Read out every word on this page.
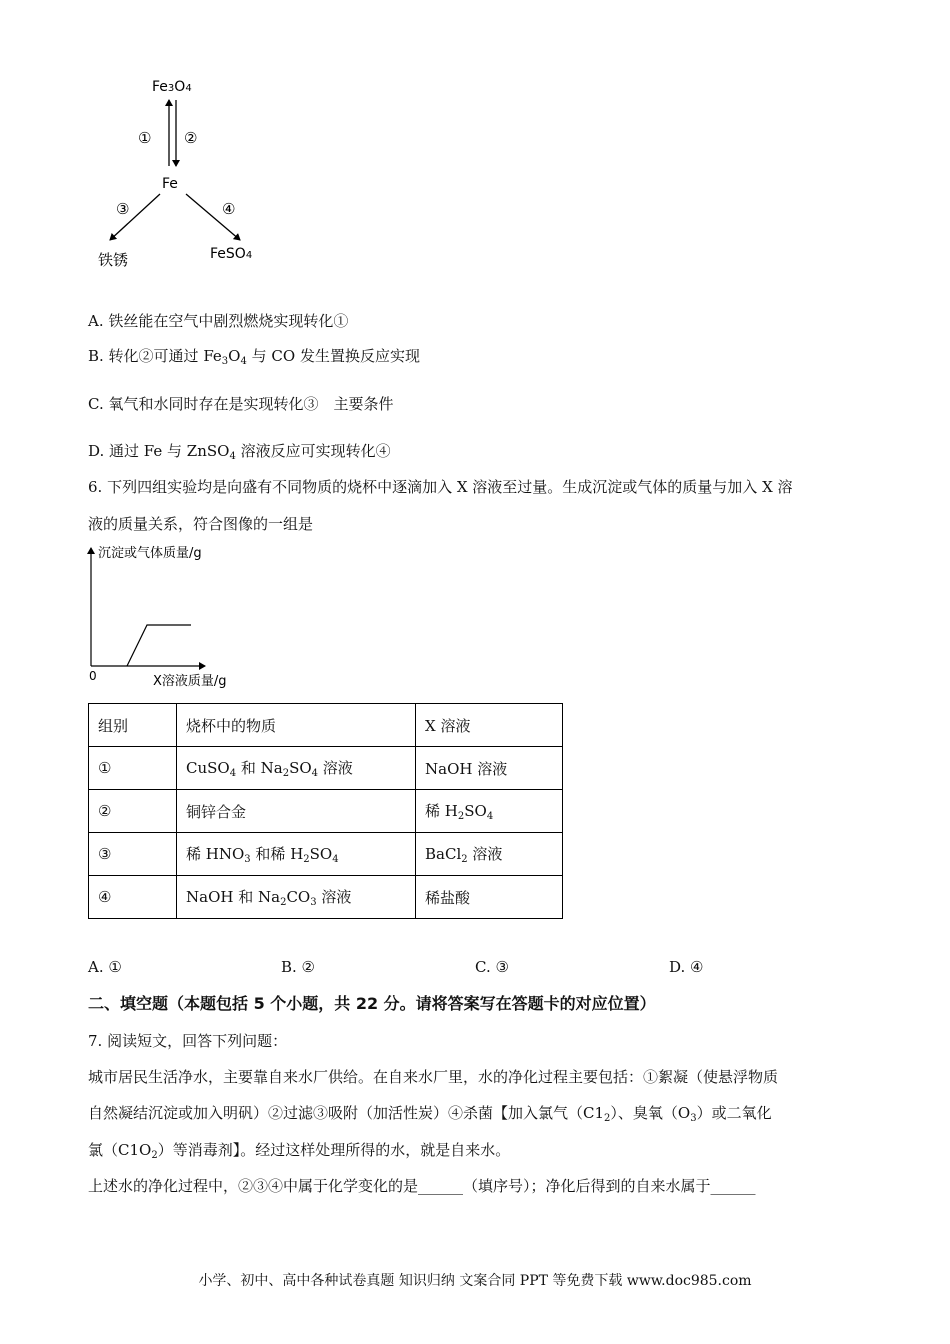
Fe3O4
① ②
Fe
③	④
铁锈	FeSO4
A. 铁丝能在空气中剧烈燃烧实现转化①
B. 转化②可通过 $Fe_3O_4$ 与 CO 发生置换反应实现
C. 氧气和水同时存在是实现转化③　主要条件
D. 通过 Fe 与 ZnSO$_4$ 溶液反应可实现转化④
6. 下列四组实验均是向盛有不同物质的烧杯中逐滴加入 X 溶液至过量。生成沉淀或气体的质量与加入 X 溶
液的质量关系，符合图像的一组是
沉淀或气体质量/g
0	X溶液质量/g
组别	烧杯中的物质	X 溶液
①	CuSO$_4$ 和 $Na_2SO_4$ 溶液	NaOH 溶液
②	铜锌合金	稀 $H_2SO_4$
③	稀 $HNO_3$ 和稀 $H_2SO_4$	BaCl$_2$ 溶液
④	NaOH 和 $Na_2CO_3$ 溶液	稀盐酸
A. ①	B. ②	C. ③	D. ④
二、填空题（本题包括 5 个小题，共 22 分。请将答案写在答题卡的对应位置）
7. 阅读短文，回答下列问题：
城市居民生活净水，主要靠自来水厂供给。在自来水厂里，水的净化过程主要包括：①絮凝（使悬浮物质
自然凝结沉淀或加入明矾）②过滤③吸附（加活性炭）④杀菌【加入氯气$(C1_2)$、臭氧$(O_3)$或二氧化
氯$(C1O_2)$等消毒剂】。经过这样处理所得的水，就是自来水。
上述水的净化过程中，②③④中属于化学变化的是______（填序号）；净化后得到的自来水属于______
小学、初中、高中各种试卷真题 知识归纳 文案合同 PPT 等免费下载 www.doc985.com
